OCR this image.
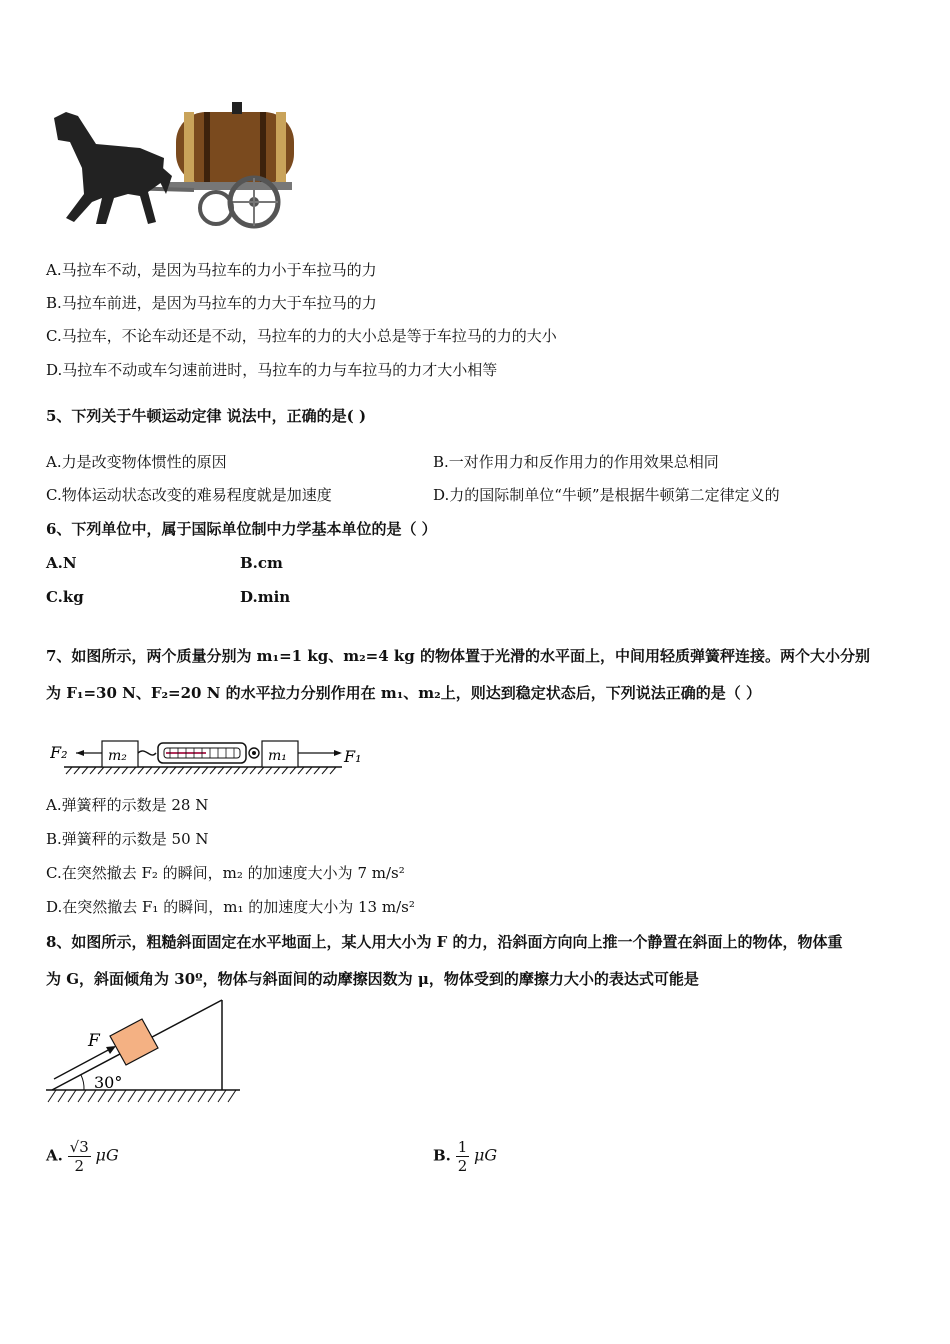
A.马拉车不动，是因为马拉车的力小于车拉马的力
B.马拉车前进，是因为马拉车的力大于车拉马的力
C.马拉车，不论车动还是不动，马拉车的力的大小总是等于车拉马的力的大小
D.马拉车不动或车匀速前进时，马拉车的力与车拉马的力才大小相等
5、下列关于牛顿运动定律 说法中，正确的是( )
A.力是改变物体惯性的原因	B.一对作用力和反作用力的作用效果总相同
C.物体运动状态改变的难易程度就是加速度	D.力的国际制单位“牛顿”是根据牛顿第二定律定义的
6、下列单位中，属于国际单位制中力学基本单位的是（ ）
A.N	B.cm
C.kg	D.min
7、如图所示，两个质量分别为 m₁=1 kg、m₂=4 kg 的物体置于光滑的水平面上，中间用轻质弹簧秤连接。两个大小分别
为 F₁=30 N、F₂=20 N 的水平拉力分别作用在 m₁、m₂上，则达到稳定状态后，下列说法正确的是（ ）
F₂	m₂	m₁	F₁
A.弹簧秤的示数是 28 N
B.弹簧秤的示数是 50 N
C.在突然撤去 F₂ 的瞬间，m₂ 的加速度大小为 7 m/s²
D.在突然撤去 F₁ 的瞬间，m₁ 的加速度大小为 13 m/s²
8、如图所示，粗糙斜面固定在水平地面上，某人用大小为 F 的力，沿斜面方向向上推一个静置在斜面上的物体，物体重
为 G，斜面倾角为 30º，物体与斜面间的动摩擦因数为 μ，物体受到的摩擦力大小的表达式可能是
F
30°
A. $\frac{√3}{2}$ μG	B. $\frac{1}{2}$ μG
